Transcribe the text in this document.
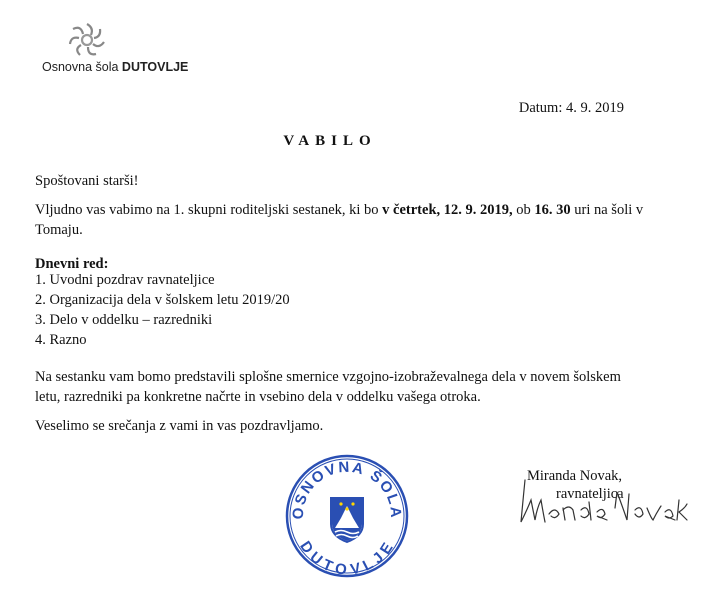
Osnovna šola DUTOVLJE
Datum: 4. 9. 2019
VABILO
Spoštovani starši!
Vljudno vas vabimo na 1. skupni roditeljski sestanek, ki bo v četrtek, 12. 9. 2019, ob 16. 30 uri na šoli v Tomaju.
Dnevni red:
1. Uvodni pozdrav ravnateljice
2. Organizacija dela v šolskem letu 2019/20
3. Delo v oddelku – razredniki
4. Razno
Na sestanku vam bomo predstavili splošne smernice vzgojno-izobraževalnega dela v novem šolskem letu, razredniki pa konkretne načrte in vsebino dela v oddelku vašega otroka.
Veselimo se srečanja z vami in vas pozdravljamo.
OSNOVNA ŠOLA
DUTOVLJE
Miranda Novak,
ravnateljica
